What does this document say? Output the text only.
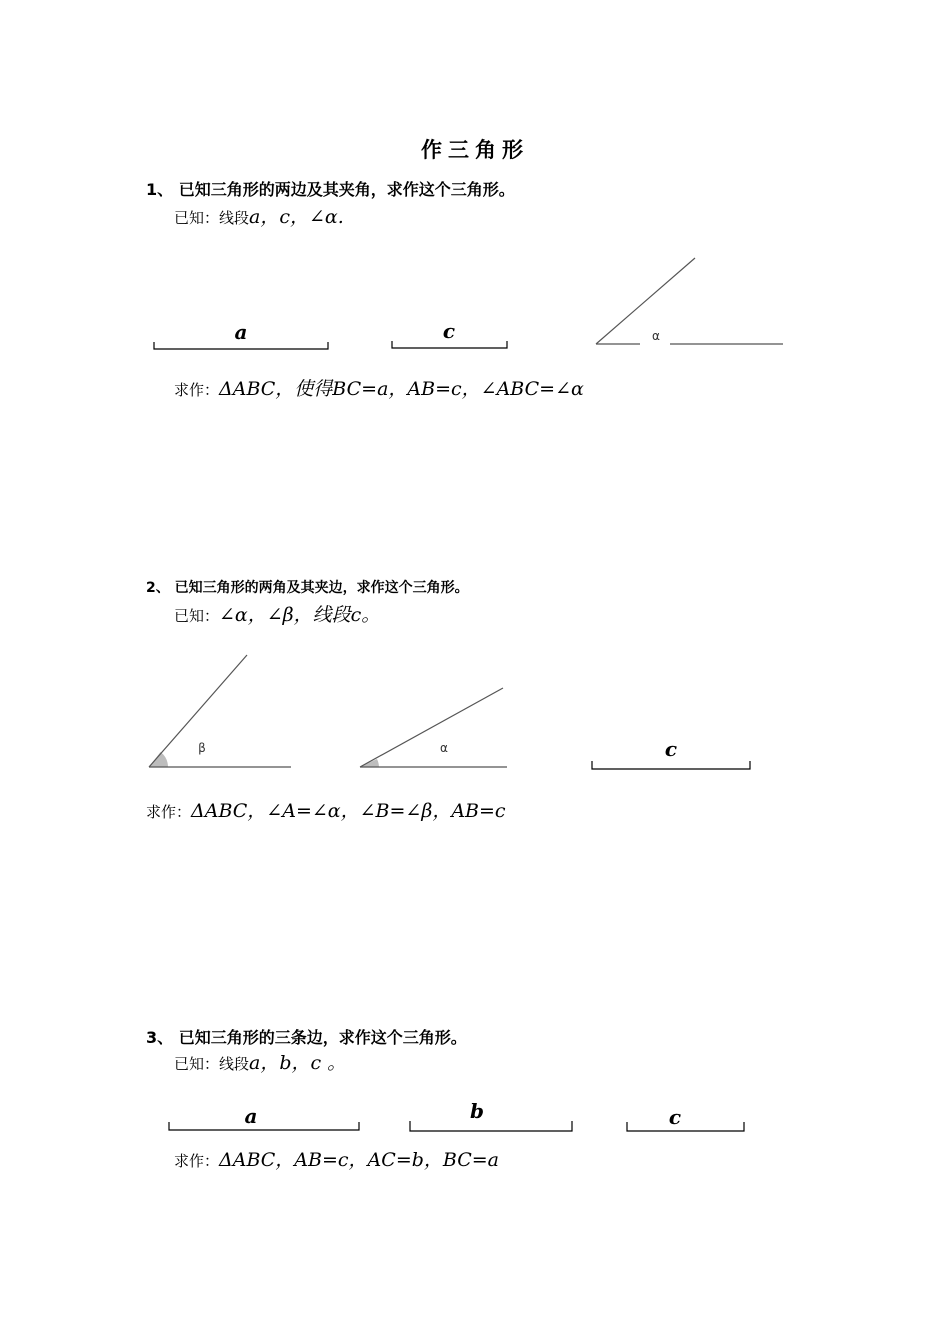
作三角形
1、 已知三角形的两边及其夹角，求作这个三角形。
已知：线段a，c，∠α.
求作：ΔABC，使得BC=a，AB=c，∠ABC=∠α
2、 已知三角形的两角及其夹边，求作这个三角形。
已知：∠α，∠β，线段c。
求作：ΔABC，∠A=∠α，∠B=∠β，AB=c
3、 已知三角形的三条边，求作这个三角形。
已知：线段a，b，c 。
求作：ΔABC，AB=c，AC=b，BC=a
a	c	α
β	α	c
a	b	c
